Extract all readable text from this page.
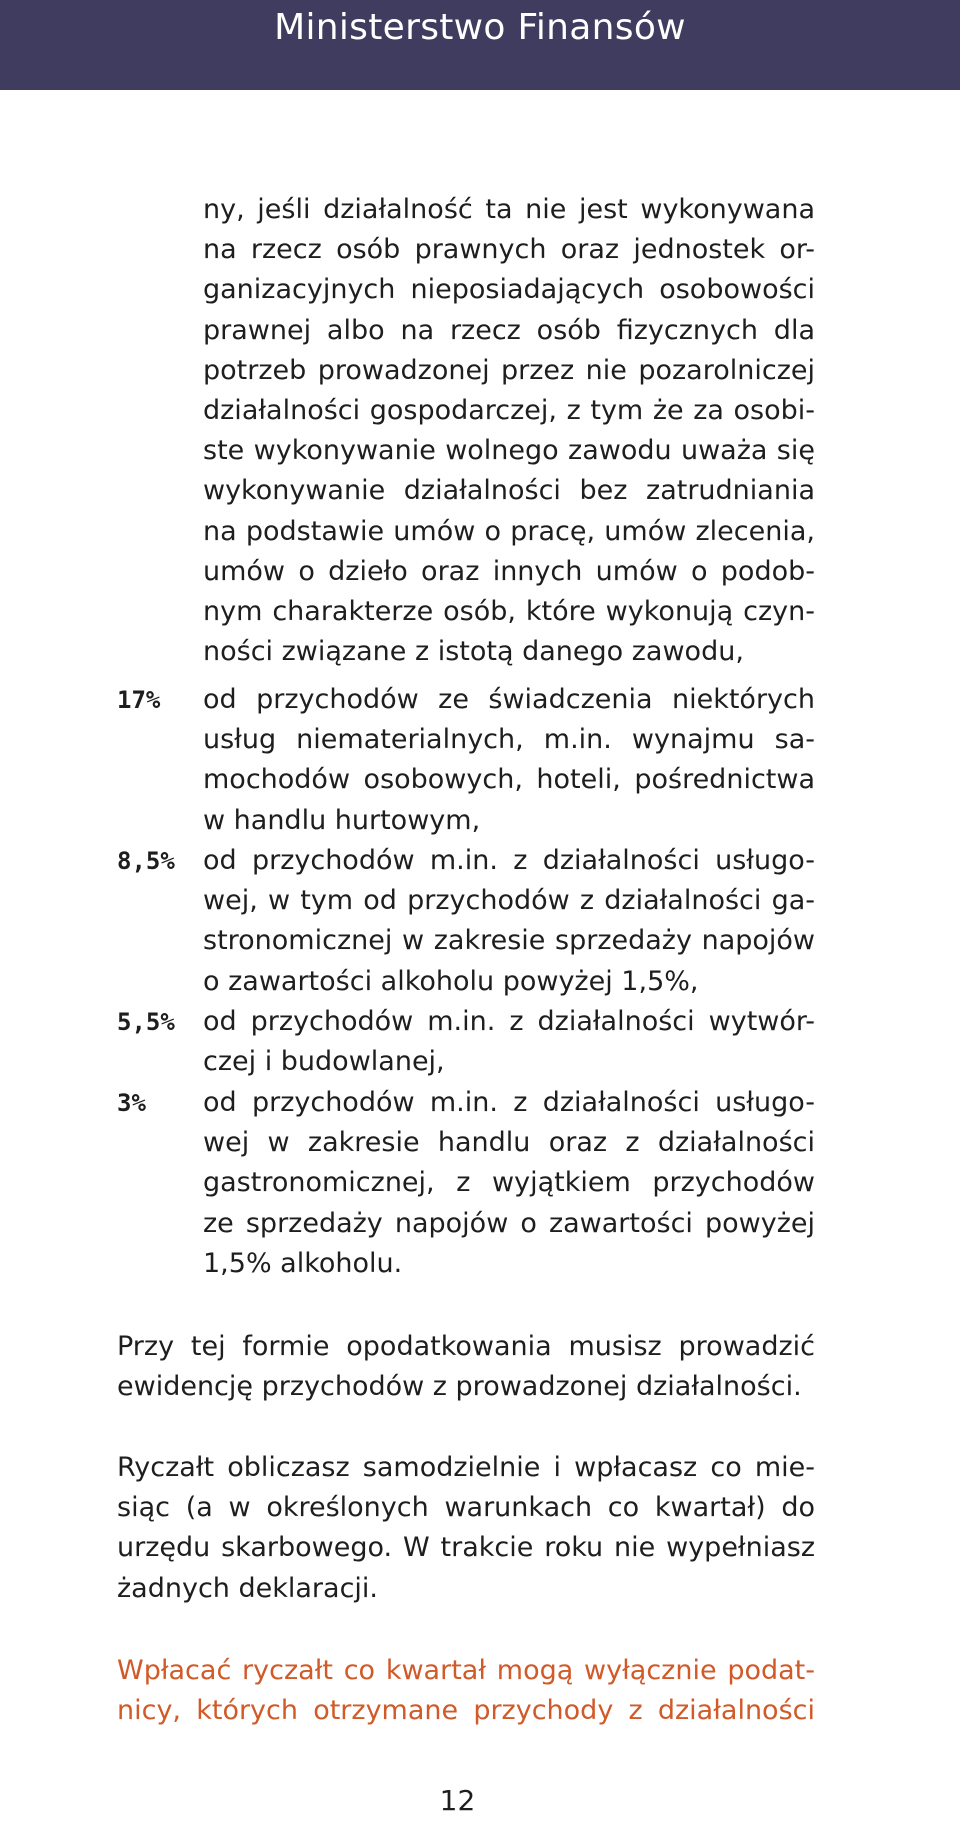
Ministerstwo Finansów
ny, jeśli działalność ta nie jest wykonywana
na rzecz osób prawnych oraz jednostek or-
ganizacyjnych nieposiadających osobowości
prawnej albo na rzecz osób fizycznych dla
potrzeb prowadzonej przez nie pozarolniczej
działalności gospodarczej, z tym że za osobi-
ste wykonywanie wolnego zawodu uważa się
wykonywanie działalności bez zatrudniania
na podstawie umów o pracę, umów zlecenia,
umów o dzieło oraz innych umów o podob-
nym charakterze osób, które wykonują czyn-
ności związane z istotą danego zawodu,
17% od przychodów ze świadczenia niektórych
usług niematerialnych, m.in. wynajmu sa-
mochodów osobowych, hoteli, pośrednictwa
w handlu hurtowym,
8,5% od przychodów m.in. z działalności usługo-
wej, w tym od przychodów z działalności ga-
stronomicznej w zakresie sprzedaży napojów
o zawartości alkoholu powyżej 1,5%,
5,5% od przychodów m.in. z działalności wytwór-
czej i budowlanej,
3% od przychodów m.in. z działalności usługo-
wej w zakresie handlu oraz z działalności
gastronomicznej, z wyjątkiem przychodów
ze sprzedaży napojów o zawartości powyżej
1,5% alkoholu.
Przy tej formie opodatkowania musisz prowadzić
ewidencję przychodów z prowadzonej działalności.
Ryczałt obliczasz samodzielnie i wpłacasz co mie-
siąc (a w określonych warunkach co kwartał) do
urzędu skarbowego. W trakcie roku nie wypełniasz
żadnych deklaracji.
Wpłacać ryczałt co kwartał mogą wyłącznie podat-
nicy, których otrzymane przychody z działalności
12
